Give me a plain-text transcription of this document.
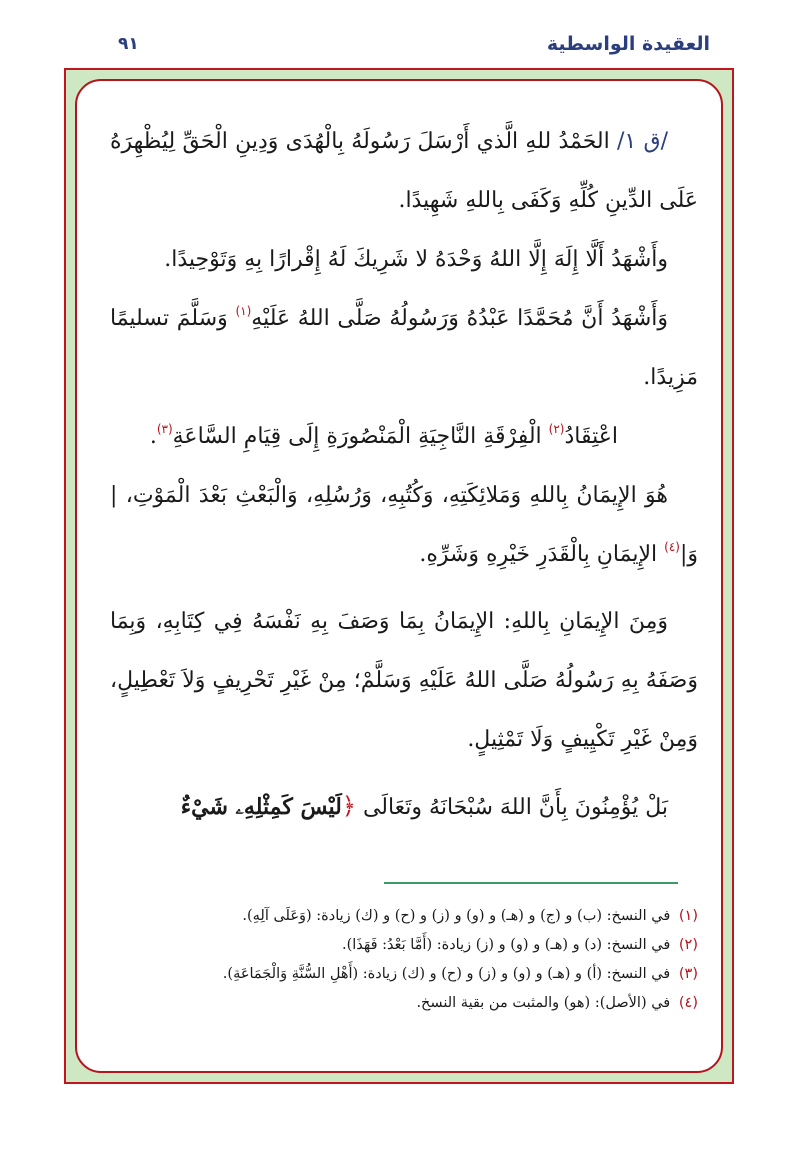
العقيدة الواسطية
٩١

/ق ١/ الحَمْدُ للهِ الَّذي أَرْسَلَ رَسُولَهُ بِالْهُدَى وَدِينِ الْحَقِّ لِيُظْهِرَهُ عَلَى الدِّينِ كُلِّهِ وَكَفَى بِاللهِ شَهِيدًا.

وأَشْهَدُ أَلَّا إِلَهَ إِلَّا اللهُ وَحْدَهُ لا شَرِيكَ لَهُ إِقْرارًا بِهِ وَتَوْحِيدًا.

وَأَشْهَدُ أَنَّ مُحَمَّدًا عَبْدُهُ وَرَسُولُهُ صَلَّى اللهُ عَلَيْهِ$^{(١)}$ وَسَلَّمَ تسليمًا مَزِيدًا.

اعْتِقَادُ$^{(٢)}$ الْفِرْقَةِ النَّاجِيَةِ الْمَنْصُورَةِ إِلَى قِيَامِ السَّاعَةِ$^{(٣)}$.

هُوَ الإِيمَانُ بِاللهِ وَمَلائِكَتِهِ، وَكُتُبِهِ، وَرُسُلِهِ، وَالْبَعْثِ بَعْدَ الْمَوْتِ، |وَ|$^{(٤)}$ الإِيمَانِ بِالْقَدَرِ خَيْرِهِ وَشَرِّهِ.

وَمِنَ الإِيمَانِ بِاللهِ: الإِيمَانُ بِمَا وَصَفَ بِهِ نَفْسَهُ فِي كِتَابِهِ، وَبِمَا وَصَفَهُ بِهِ رَسُولُهُ صَلَّى اللهُ عَلَيْهِ وَسَلَّمْ؛ مِنْ غَيْرِ تَحْرِيفٍ وَلاَ تَعْطِيلٍ، وَمِنْ غَيْرِ تَكْيِيفٍ وَلَا تَمْثِيلٍ.

بَلْ يُؤْمِنُونَ بِأَنَّ اللهَ سُبْحَانَهُ وتَعَالَى ﴿لَيْسَ كَمِثْلِهِۦ شَيْءٌ

(١) في النسخ: (ب) و (ج) و (هـ) و (و) و (ز) و (ح) و (ك) زيادة: (وَعَلَى آلِهِ).

(٢) في النسخ: (د) و (هـ) و (و) و (ز) زيادة: (أَمَّا بَعْدُ: فَهَذَا).

(٣) في النسخ: (أ) و (هـ) و (و) و (ز) و (ح) و (ك) زيادة: (أَهْلِ السُّنَّةِ وَالْجَمَاعَةِ).

(٤) في (الأصل): (هو) والمثبت من بقية النسخ.
